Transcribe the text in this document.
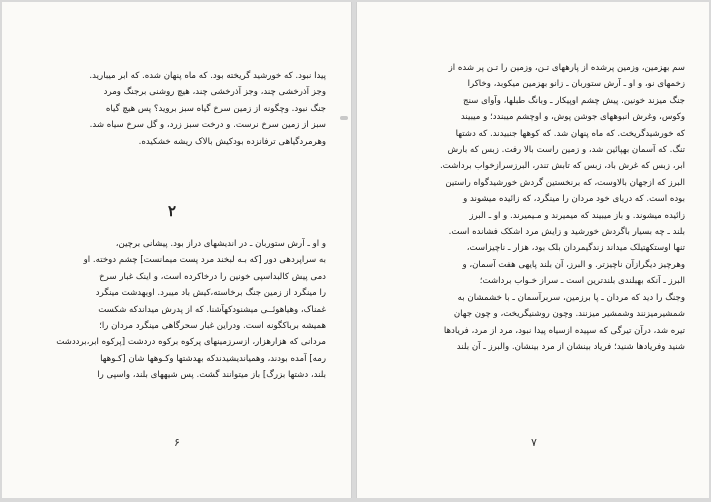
پیدا نبود. که خورشید گریخته بود. که ماه پنهان شده. که ابر میبارید.
وجز آذرخشی چند، وجز آذرخشی چند، هیچ روشنی برجنگ ومرد
جنگ نبود. وچگونه از زمین سرخ گیاه سبز بروید؟ پس هیچ گیاه
سبز از زمین سرخ نرست. و درخت سبز زرد، و گل سرخ سیاه شد.
وهرمردگیاهی ترفانزده بودکیش بالاک ریشه خشکیده.
۲
و او ـ آرش ستوربان ـ در اندیشهای دراز بود. پیشانی برچین،
به سراپردهی دور [که بـه لبخند مرد پست میمانست] چشم دوخته. او
دمی پیش کالبداسپی خونین را درخاکرده است، و اینک غبار سرخ
را مینگرد از زمین جنگ برخاسته،کیش باد میبرد. اوبهدشت مینگرد
غمناک، وهیاهوئــی میشنودکهآشنا. که از پدرش میداندکه شکست
همیشه برباکگونه است. ودراین غبار سحرگاهی مینگرد مردان را؛
مردانی که هزارهزار، ازسرزمینهای پرکوه برکوه دردشت [پرکوه ابر،برددشت
رمه] آمده بودند، وهمیاندیشیدندکه بهدشتها وکـوهها شان [کـوهها
بلند، دشتها بزرگ] باز میتوانند گشت. پس شیههای بلند، واسپی را
۶
سم بهزمین، وزمین پرشده از پارههای تـن، وزمین را تـن پر شده از
زخمهای نو، و او ـ آرش ستوربان ـ زانو بهزمین میکوبد، وخاکرا
جنگ میزند خونین. پیش چشم اوپیکار ـ وبانگ طبلها، وآوای سنج
وکوس، وغرش انبوههای جوشن پوش، و اوچشم میبندد؛ و میبیند
که خورشیدگریخت. که ماه پنهان شد. که کوهها جنبیدند. که دشتها
تنگ. که آسمان بهپائین شد، و زمین راست بالا رفت. زبس که بارش
ابر، زبس که غرش باد، زبس که تابش تندر، البرزسرازخواب برداشت.
البرز که ازجهان بالاوست، که برنخستین گردش خورشیدگواه راستین
بوده است. که دریای خود مردان را مینگرد، که زائیده میشوند و
زائیده میشوند. و باز میبیند که میمیرند و مـیمیرند. و او ـ البرز
بلند ـ چه بسیار باگردش خورشید و زایش مرد اشکک فشانده است.
تنها اوستکهتیلک میداند زندگیمردان بلک بود، هزار ـ ناچیزاست،
وهرچیز دیگرازآن ناچیزتر. و البرز، آن بلند پایهی هفت آسمان، و
البرز ـ آنکه بهبلندی بلندترین است ـ سراز خـواب برداشت؛
وجنگ را دید که مردان ـ پا برزمین، سربرآسمان ـ با خشمشان به
شمشیرمیزنند وشمشیر میزنند. وچون روشنیگریخت، و چون جهان
تیره شد، درآن تیرگی که سپیده ازسیاه پیدا نبود، مرد از مرد، فریادها
شنید وفریادها شنید؛ فریاد بینشان از مرد بینشان. والبرز ـ آن بلند
۷
